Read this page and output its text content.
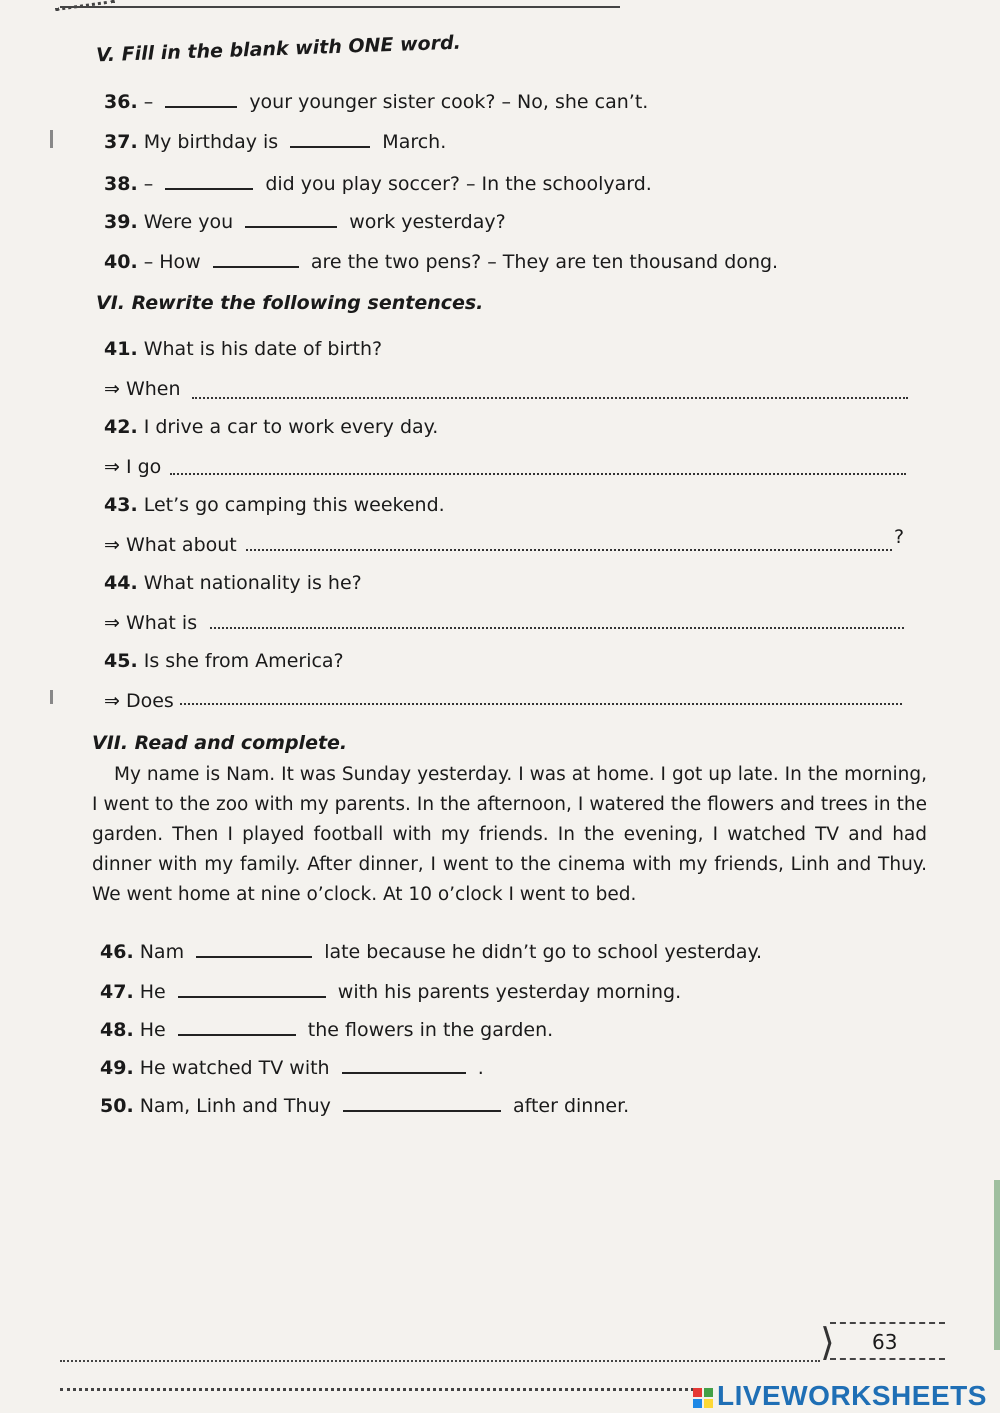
V. Fill in the blank with ONE word.
36. –	your younger sister cook? – No, she can’t.
37. My birthday is	March.
38. –	did you play soccer? – In the schoolyard.
39. Were you	work yesterday?
40. – How	are the two pens? – They are ten thousand dong.
VI. Rewrite the following sentences.
41. What is his date of birth?
⇒ When
42. I drive a car to work every day.
⇒ I go
43. Let’s go camping this weekend.
⇒ What about	?
44. What nationality is he?
⇒ What is
45. Is she from America?
⇒ Does
VII. Read and complete.

My name is Nam. It was Sunday yesterday. I was at home. I got up late. In the morning, I went to the zoo with my parents. In the afternoon, I watered the flowers and trees in the garden. Then I played football with my friends. In the evening, I watched TV and had dinner with my family. After dinner, I went to the cinema with my friends, Linh and Thuy. We went home at nine o’clock. At 10 o’clock I went to bed.

46. Nam	late because he didn’t go to school yesterday.
47. He	with his parents yesterday morning.
48. He	the flowers in the garden.
49. He watched TV with	.
50. Nam, Linh and Thuy	after dinner.
⟩ 63
LIVEWORKSHEETS
